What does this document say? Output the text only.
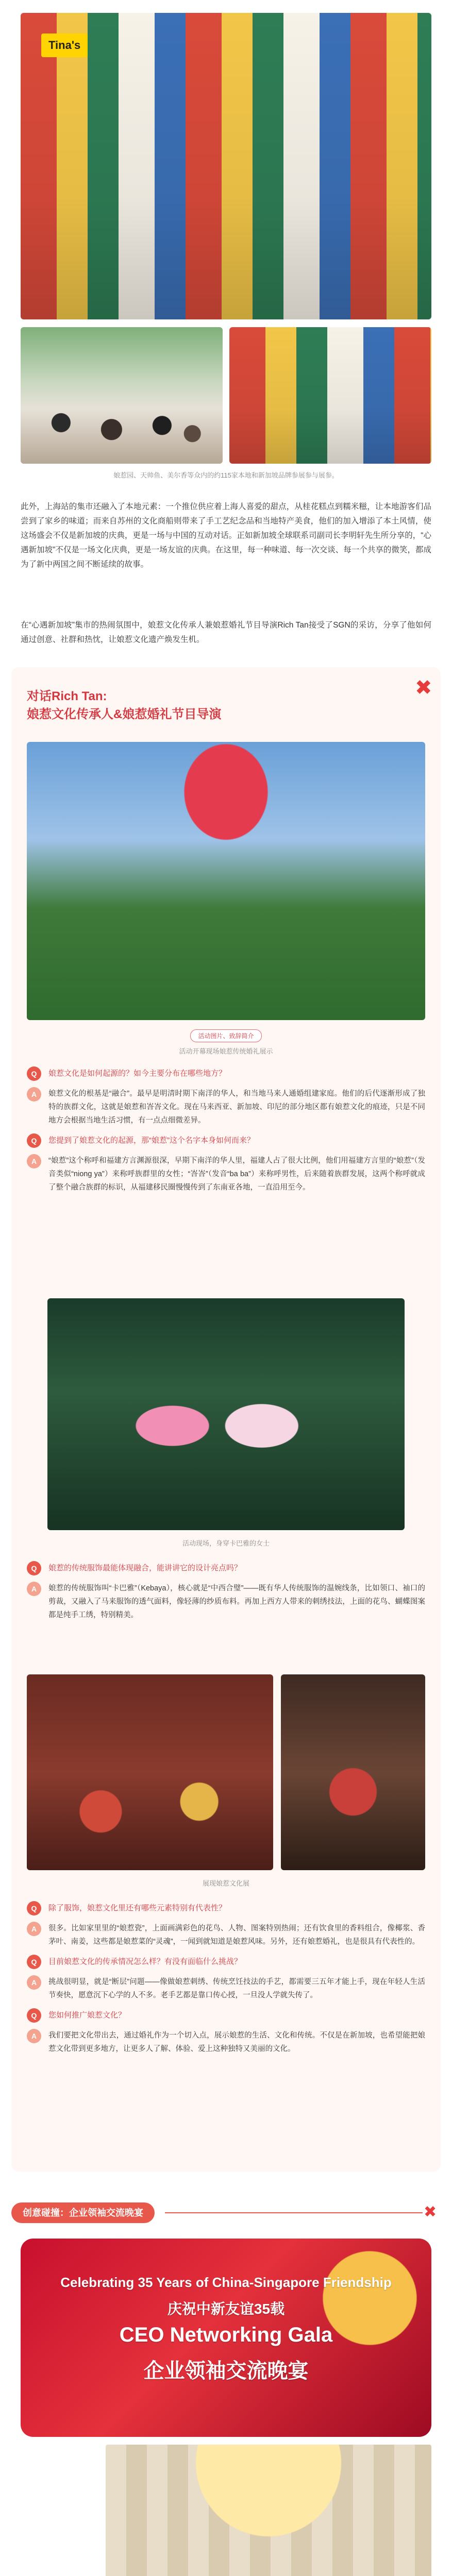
Tina's
娘惹园、天帅鱼、美尔香等众内的约115家本地和新加坡品牌参展参与展参。

此外，上海站的集市还融入了本地元素：一个推位供应着上海人喜爱的甜点，从桂花糕点到糯米糍，让本地游客们品尝到了家乡的味道；而来自苏州的文化商船则带来了手工艺纪念品和当地特产美食，他们的加入增添了本土风情，使这场盛会不仅是新加坡的庆典，更是一场与中国的互动对话。正如新加坡全球联系司副司长李明轩先生所分享的，“心遇新加坡”不仅是一场文化庆典，更是一场友谊的庆典。在这里，每一种味道、每一次交谈、每一个共享的微笑，都成为了新中两国之间不断延续的故事。

在“心遇新加坡”集市的热闹氛围中，娘惹文化传承人兼娘惹婚礼节目导演Rich Tan接受了SGN的采访，分享了他如何通过创意、社群和热忱，让娘惹文化遗产焕发生机。

✖
对话Rich Tan:
娘惹文化传承人&娘惹婚礼节目导演
活动图片、致辞简介
活动开幕现场娘惹传统婚礼展示
Q	娘惹文化是如何起源的？如今主要分布在哪些地方？
A	娘惹文化的根基是“融合”。最早是明清时期下南洋的华人，和当地马来人通婚组建家庭。他们的后代逐渐形成了独特的族群文化，这就是娘惹和峇峇文化。现在马来西亚、新加坡、印尼的部分地区都有娘惹文化的痕迹，只是不同地方会根据当地生活习惯，有一点点细微差异。
Q	您提到了娘惹文化的起源，那“娘惹”这个名字本身如何而来？
A	“娘惹”这个称呼和福建方言渊源很深，早期下南洋的华人里，福建人占了很大比例，他们用福建方言里的“娘惹”（发音类似“niong ya”）来称呼族群里的女性；“峇峇”（发音“ba ba”）来称呼男性，后来随着族群发展，这两个称呼就成了整个融合族群的标识，从福建移民圈慢慢传到了东南亚各地，一直沿用至今。
活动现场，身穿卡巴雅的女士
Q	娘惹的传统服饰最能体现融合，能讲讲它的设计亮点吗？
A	娘惹的传统服饰叫“卡巴雅”（Kebaya），核心就是“中西合璧”——既有华人传统服饰的温婉线条，比如领口、袖口的剪裁，又融入了马来服饰的透气面料，像轻薄的纱质布料。再加上西方人带来的刺绣技法，上面的花鸟、蝴蝶图案都是纯手工绣，特别精美。
展现娘惹文化展
Q	除了服饰，娘惹文化里还有哪些元素特别有代表性？
A	很多。比如家里里的“娘惹瓷”，上面画满彩色的花鸟、人物、图案特别热闹；还有饮食里的香料组合，像椰浆、香茅叶、南姜，这些都是娘惹菜的“灵魂”，一闻到就知道是娘惹风味。另外，还有娘惹婚礼，也是很具有代表性的。
Q	目前娘惹文化的传承情况怎么样？有没有面临什么挑战？
A	挑战很明显，就是“断层”问题——像做娘惹刺绣、传统烹饪技法的手艺，都需要三五年才能上手，现在年轻人生活节奏快，愿意沉下心学的人不多。老手艺都是靠口传心授，一旦没人学就失传了。
Q	您如何推广娘惹文化？
A	我们要把文化带出去，通过婚礼作为一个切入点，展示娘惹的生活、文化和传统。不仅是在新加坡，也希望能把娘惹文化带到更多地方，让更多人了解、体验、爱上这种独特又美丽的文化。
创意碰撞：企业领袖交流晚宴	✖
Celebrating 35 Years of China-Singapore Friendship
庆祝中新友谊35载
CEO Networking Gala
企业领袖交流晚宴
